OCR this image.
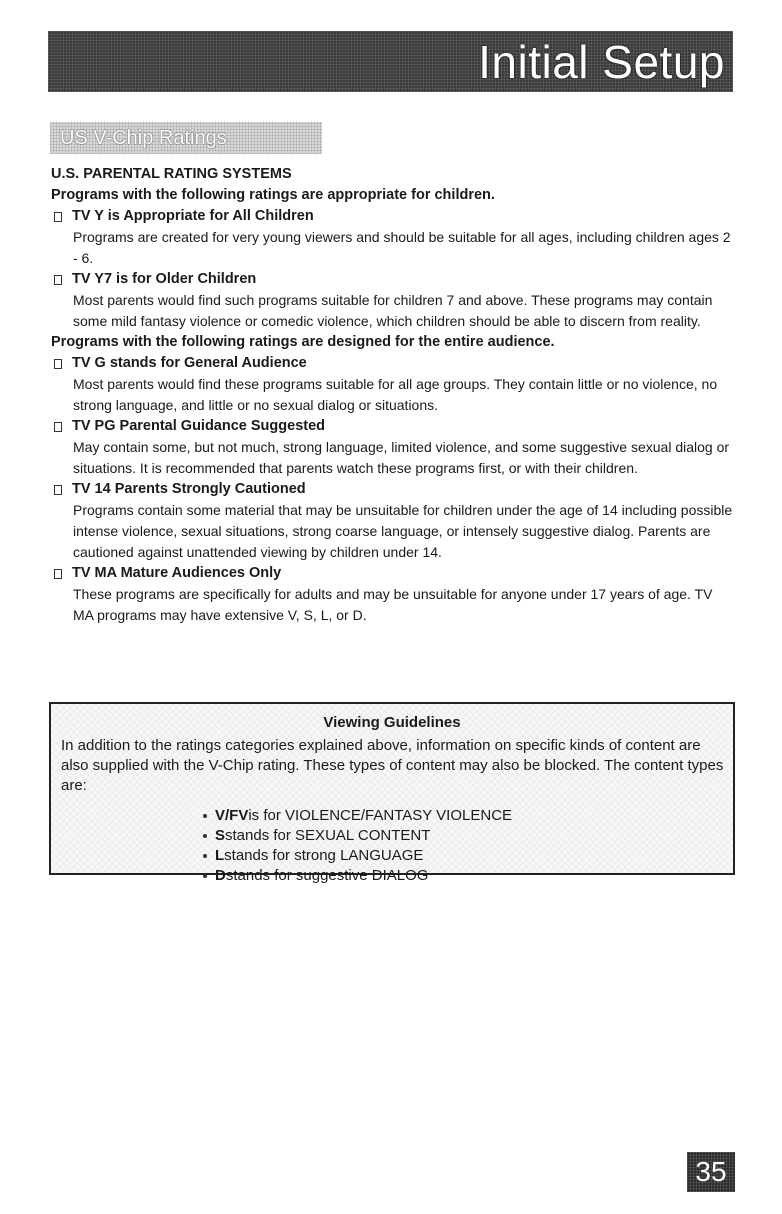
Initial Setup
US V-Chip Ratings

U.S. PARENTAL RATING SYSTEMS

Programs with the following ratings are appropriate for children.

TV Y is Appropriate for All Children

Programs are created for very young viewers and should be suitable for all ages, including children ages 2 - 6.

TV Y7 is for Older Children

Most parents would find such programs suitable for children 7 and above. These programs may contain some mild fantasy violence or comedic violence, which children should be able to discern from reality.

Programs with the following ratings are designed for the entire audience.

TV G stands for General Audience

Most parents would find these programs suitable for all age groups. They contain little or no violence, no strong language, and little or no sexual dialog or situations.

TV PG Parental Guidance Suggested

May contain some, but not much, strong language, limited violence, and some suggestive sexual dialog or situations. It is recommended that parents watch these programs first, or with their children.

TV 14 Parents Strongly Cautioned

Programs contain some material that may be unsuitable for children under the age of 14 including possible intense violence, sexual situations, strong coarse language, or intensely suggestive dialog. Parents are cautioned against unattended viewing by children under 14.

TV MA Mature Audiences Only

These programs are specifically for adults and may be unsuitable for anyone under 17 years of age. TV MA programs may have extensive V, S, L, or D.

Viewing Guidelines
In addition to the ratings categories explained above, information on specific kinds of content are also supplied with the V-Chip rating. These types of content may also be blocked. The content types are:
V/FV is for VIOLENCE/FANTASY VIOLENCE
S stands for SEXUAL CONTENT
L stands for strong LANGUAGE
D stands for suggestive DIALOG
35
